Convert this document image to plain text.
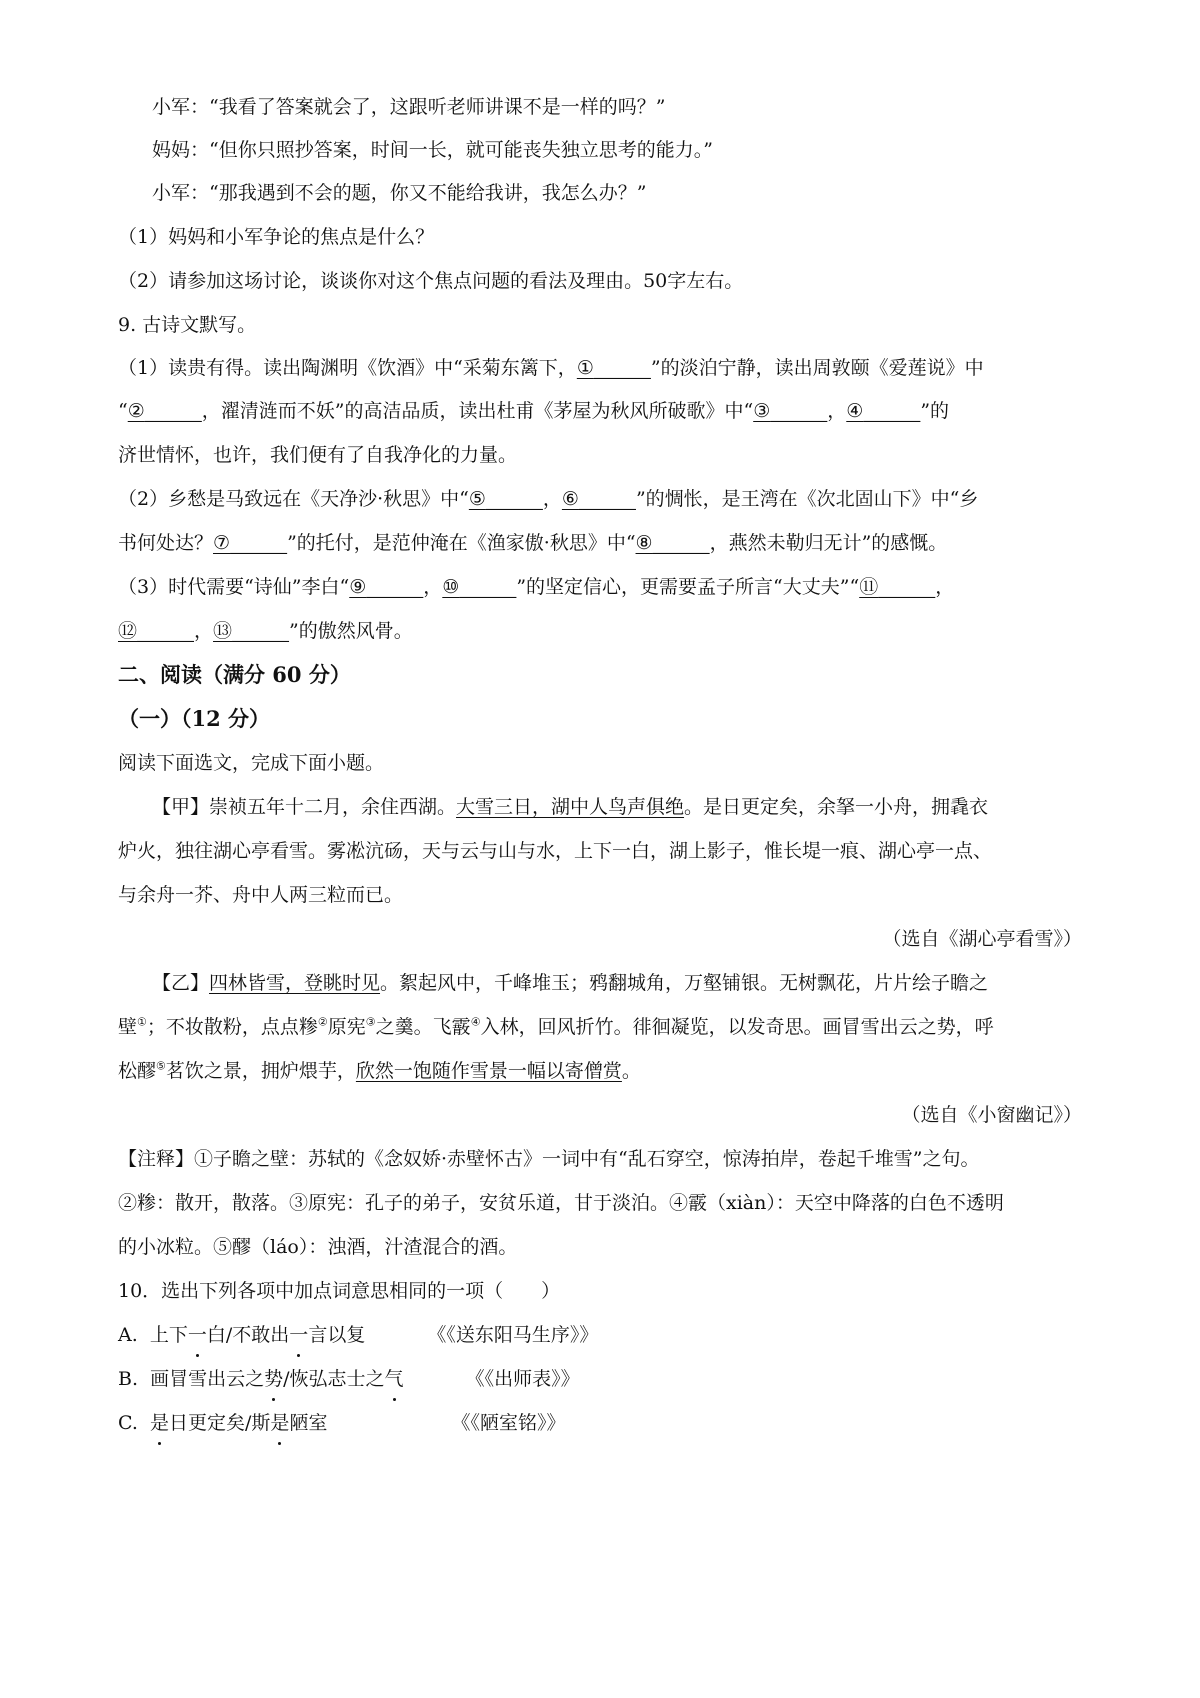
小军：“我看了答案就会了，这跟听老师讲课不是一样的吗？”
妈妈：“但你只照抄答案，时间一长，就可能丧失独立思考的能力。”
小军：“那我遇到不会的题，你又不能给我讲，我怎么办？”
（1）妈妈和小军争论的焦点是什么？
（2）请参加这场讨论，谈谈你对这个焦点问题的看法及理由。50字左右。
9. 古诗文默写。
（1）读贵有得。读出陶渊明《饮酒》中“采菊东篱下，① ______	”的淡泊宁静，读出周敦颐《爱莲说》中
“② ______	，濯清涟而不妖”的高洁品质，读出杜甫《茅屋为秋风所破歌》中“③ ______	，④ ______	”的
济世情怀，也许，我们便有了自我净化的力量。
（2）乡愁是马致远在《天净沙·秋思》中“⑤ ______	，⑥ ______	”的惆怅，是王湾在《次北固山下》中“乡
书何处达？⑦ ______	”的托付，是范仲淹在《渔家傲·秋思》中“⑧ ______	，燕然未勒归无计”的感慨。
（3）时代需要“诗仙”李白“⑨ ______	，⑩ ______	”的坚定信心，更需要孟子所言“大丈夫”“⑪ ______	，
⑫ ______	，⑬ ______	”的傲然风骨。
二、阅读（满分 60 分）
（一）（12 分）
阅读下面选文，完成下面小题。
【甲】崇祯五年十二月，余住西湖。大雪三日，湖中人鸟声俱绝。是日更定矣，余拏一小舟，拥毳衣
炉火，独往湖心亭看雪。雾凇沆砀，天与云与山与水，上下一白，湖上影子，惟长堤一痕、湖心亭一点、
与余舟一芥、舟中人两三粒而已。
（选自《湖心亭看雪》）
【乙】四林皆雪，登眺时见。絮起风中，千峰堆玉；鸦翻城角，万壑铺银。无树飘花，片片绘子瞻之
壁①；不妆散粉，点点糁②原宪③之羹。飞霰④入林，回风折竹。徘徊凝览，以发奇思。画冒雪出云之势，呼
松醪⑤茗饮之景，拥炉煨芋，欣然一饱随作雪景一幅以寄僧赏。
（选自《小窗幽记》）
【注释】①子瞻之壁：苏轼的《念奴娇·赤壁怀古》一词中有“乱石穿空，惊涛拍岸，卷起千堆雪”之句。
②糁：散开，散落。③原宪：孔子的弟子，安贫乐道，甘于淡泊。④霰（xiàn）：天空中降落的白色不透明
的小冰粒。⑤醪（láo）：浊酒，汁渣混合的酒。
10．选出下列各项中加点词意思相同的一项（　　）
A. 上下一白/不敢出一言以复	《《送东阳马生序》》
B. 画冒雪出云之势/恢弘志士之气	《《出师表》》
C. 是日更定矣/斯是陋室	《《陋室铭》》
